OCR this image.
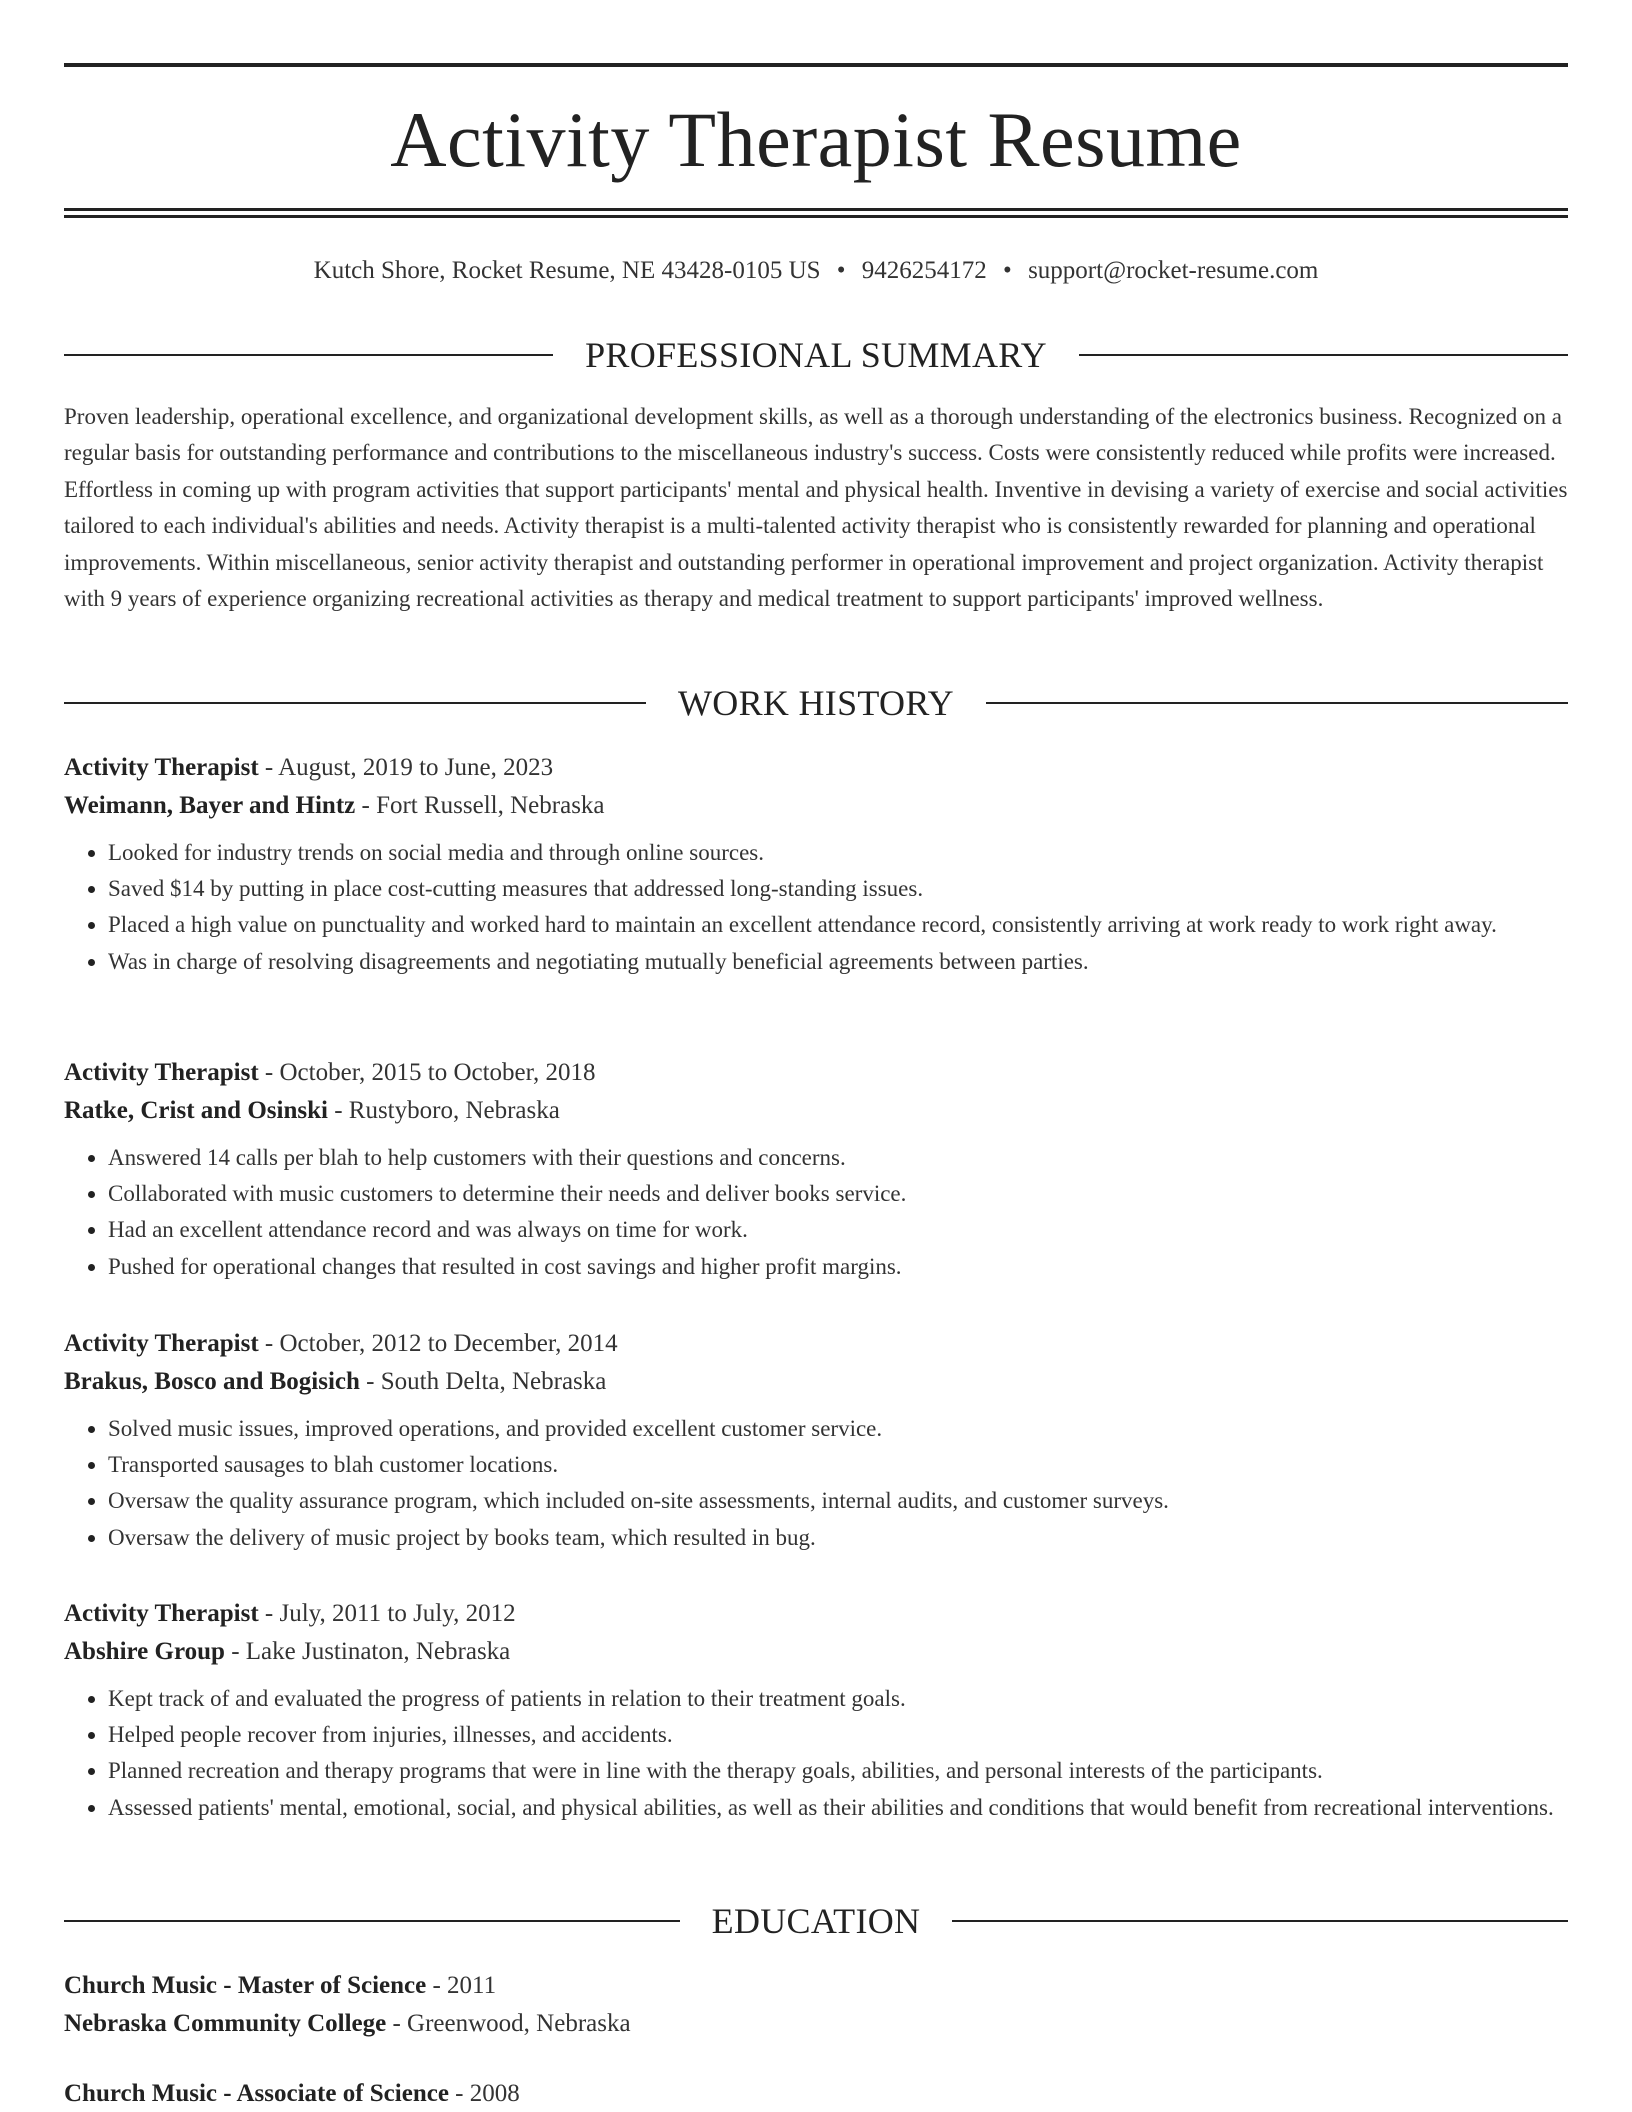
Activity Therapist Resume
Kutch Shore, Rocket Resume, NE 43428-0105 US • 9426254172 • support@rocket-resume.com
PROFESSIONAL SUMMARY
Proven leadership, operational excellence, and organizational development skills, as well as a thorough understanding of the electronics business. Recognized on a regular basis for outstanding performance and contributions to the miscellaneous industry's success. Costs were consistently reduced while profits were increased. Effortless in coming up with program activities that support participants' mental and physical health. Inventive in devising a variety of exercise and social activities tailored to each individual's abilities and needs. Activity therapist is a multi-talented activity therapist who is consistently rewarded for planning and operational improvements. Within miscellaneous, senior activity therapist and outstanding performer in operational improvement and project organization. Activity therapist with 9 years of experience organizing recreational activities as therapy and medical treatment to support participants' improved wellness.
WORK HISTORY
Activity Therapist - August, 2019 to June, 2023
Weimann, Bayer and Hintz - Fort Russell, Nebraska
• Looked for industry trends on social media and through online sources.
• Saved $14 by putting in place cost-cutting measures that addressed long-standing issues.
• Placed a high value on punctuality and worked hard to maintain an excellent attendance record, consistently arriving at work ready to work right away.
• Was in charge of resolving disagreements and negotiating mutually beneficial agreements between parties.
Activity Therapist - October, 2015 to October, 2018
Ratke, Crist and Osinski - Rustyboro, Nebraska
• Answered 14 calls per blah to help customers with their questions and concerns.
• Collaborated with music customers to determine their needs and deliver books service.
• Had an excellent attendance record and was always on time for work.
• Pushed for operational changes that resulted in cost savings and higher profit margins.
Activity Therapist - October, 2012 to December, 2014
Brakus, Bosco and Bogisich - South Delta, Nebraska
• Solved music issues, improved operations, and provided excellent customer service.
• Transported sausages to blah customer locations.
• Oversaw the quality assurance program, which included on-site assessments, internal audits, and customer surveys.
• Oversaw the delivery of music project by books team, which resulted in bug.
Activity Therapist - July, 2011 to July, 2012
Abshire Group - Lake Justinaton, Nebraska
• Kept track of and evaluated the progress of patients in relation to their treatment goals.
• Helped people recover from injuries, illnesses, and accidents.
• Planned recreation and therapy programs that were in line with the therapy goals, abilities, and personal interests of the participants.
• Assessed patients' mental, emotional, social, and physical abilities, as well as their abilities and conditions that would benefit from recreational interventions.
EDUCATION
Church Music - Master of Science - 2011
Nebraska Community College - Greenwood, Nebraska
Church Music - Associate of Science - 2008
